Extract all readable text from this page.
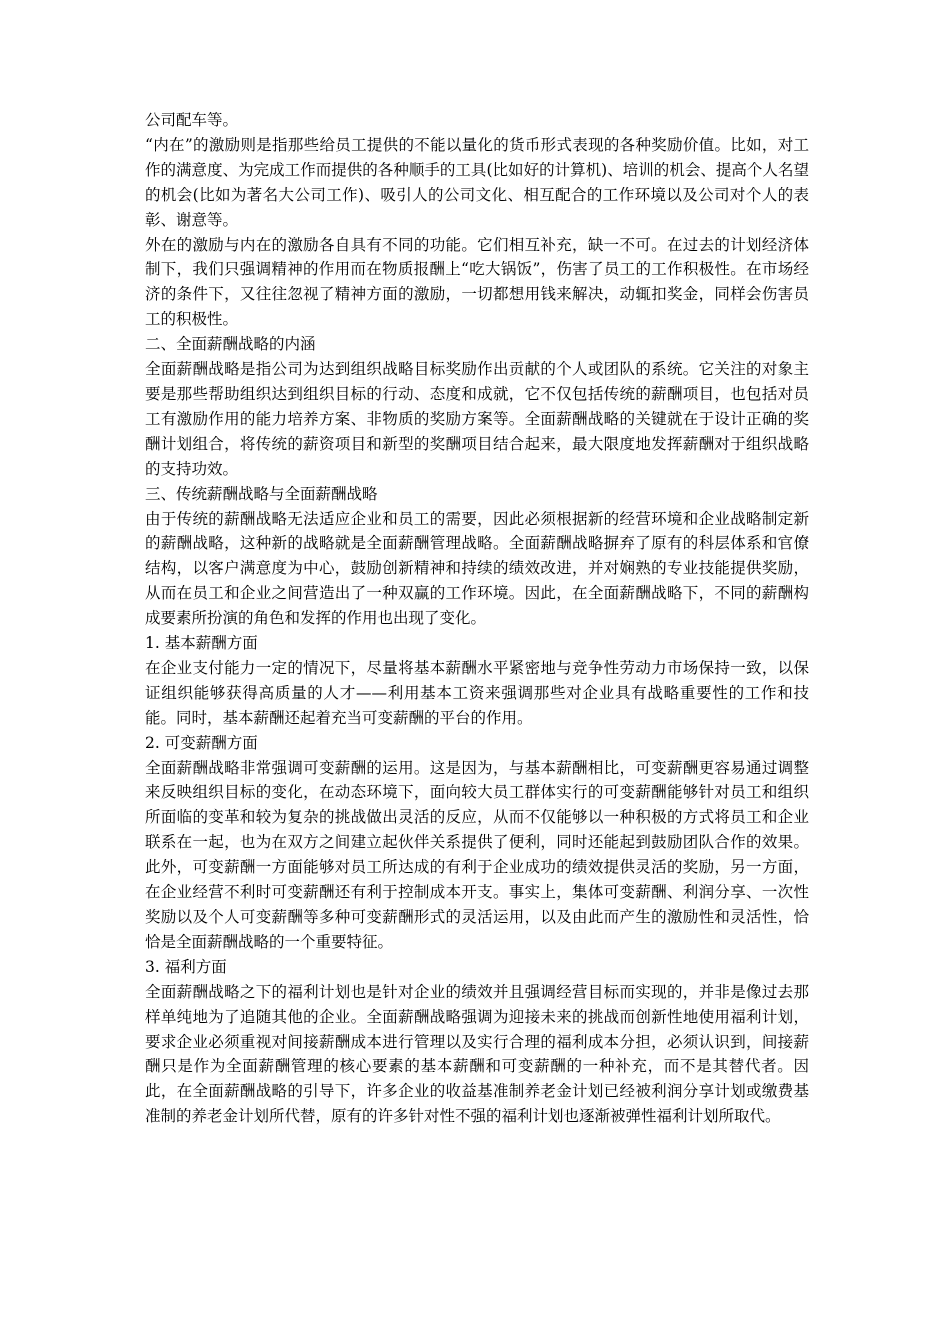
公司配车等。

“内在”的激励则是指那些给员工提供的不能以量化的货币形式表现的各种奖励价值。比如，对工作的满意度、为完成工作而提供的各种顺手的工具(比如好的计算机)、培训的机会、提高个人名望的机会(比如为著名大公司工作)、吸引人的公司文化、相互配合的工作环境以及公司对个人的表彰、谢意等。

外在的激励与内在的激励各自具有不同的功能。它们相互补充，缺一不可。在过去的计划经济体制下，我们只强调精神的作用而在物质报酬上“吃大锅饭”，伤害了员工的工作积极性。在市场经济的条件下，又往往忽视了精神方面的激励，一切都想用钱来解决，动辄扣奖金，同样会伤害员工的积极性。

二、全面薪酬战略的内涵

全面薪酬战略是指公司为达到组织战略目标奖励作出贡献的个人或团队的系统。它关注的对象主要是那些帮助组织达到组织目标的行动、态度和成就，它不仅包括传统的薪酬项目，也包括对员工有激励作用的能力培养方案、非物质的奖励方案等。全面薪酬战略的关键就在于设计正确的奖酬计划组合，将传统的薪资项目和新型的奖酬项目结合起来，最大限度地发挥薪酬对于组织战略的支持功效。

三、传统薪酬战略与全面薪酬战略

由于传统的薪酬战略无法适应企业和员工的需要，因此必须根据新的经营环境和企业战略制定新的薪酬战略，这种新的战略就是全面薪酬管理战略。全面薪酬战略摒弃了原有的科层体系和官僚结构，以客户满意度为中心，鼓励创新精神和持续的绩效改进，并对娴熟的专业技能提供奖励，从而在员工和企业之间营造出了一种双赢的工作环境。因此，在全面薪酬战略下，不同的薪酬构成要素所扮演的角色和发挥的作用也出现了变化。

1. 基本薪酬方面

在企业支付能力一定的情况下，尽量将基本薪酬水平紧密地与竞争性劳动力市场保持一致，以保证组织能够获得高质量的人才——利用基本工资来强调那些对企业具有战略重要性的工作和技能。同时，基本薪酬还起着充当可变薪酬的平台的作用。

2. 可变薪酬方面

全面薪酬战略非常强调可变薪酬的运用。这是因为，与基本薪酬相比，可变薪酬更容易通过调整来反映组织目标的变化，在动态环境下，面向较大员工群体实行的可变薪酬能够针对员工和组织所面临的变革和较为复杂的挑战做出灵活的反应，从而不仅能够以一种积极的方式将员工和企业联系在一起，也为在双方之间建立起伙伴关系提供了便利，同时还能起到鼓励团队合作的效果。此外，可变薪酬一方面能够对员工所达成的有利于企业成功的绩效提供灵活的奖励，另一方面，在企业经营不利时可变薪酬还有利于控制成本开支。事实上，集体可变薪酬、利润分享、一次性奖励以及个人可变薪酬等多种可变薪酬形式的灵活运用，以及由此而产生的激励性和灵活性，恰恰是全面薪酬战略的一个重要特征。

3. 福利方面

全面薪酬战略之下的福利计划也是针对企业的绩效并且强调经营目标而实现的，并非是像过去那样单纯地为了追随其他的企业。全面薪酬战略强调为迎接未来的挑战而创新性地使用福利计划，要求企业必须重视对间接薪酬成本进行管理以及实行合理的福利成本分担，必须认识到，间接薪酬只是作为全面薪酬管理的核心要素的基本薪酬和可变薪酬的一种补充，而不是其替代者。因此，在全面薪酬战略的引导下，许多企业的收益基准制养老金计划已经被利润分享计划或缴费基准制的养老金计划所代替，原有的许多针对性不强的福利计划也逐渐被弹性福利计划所取代。
